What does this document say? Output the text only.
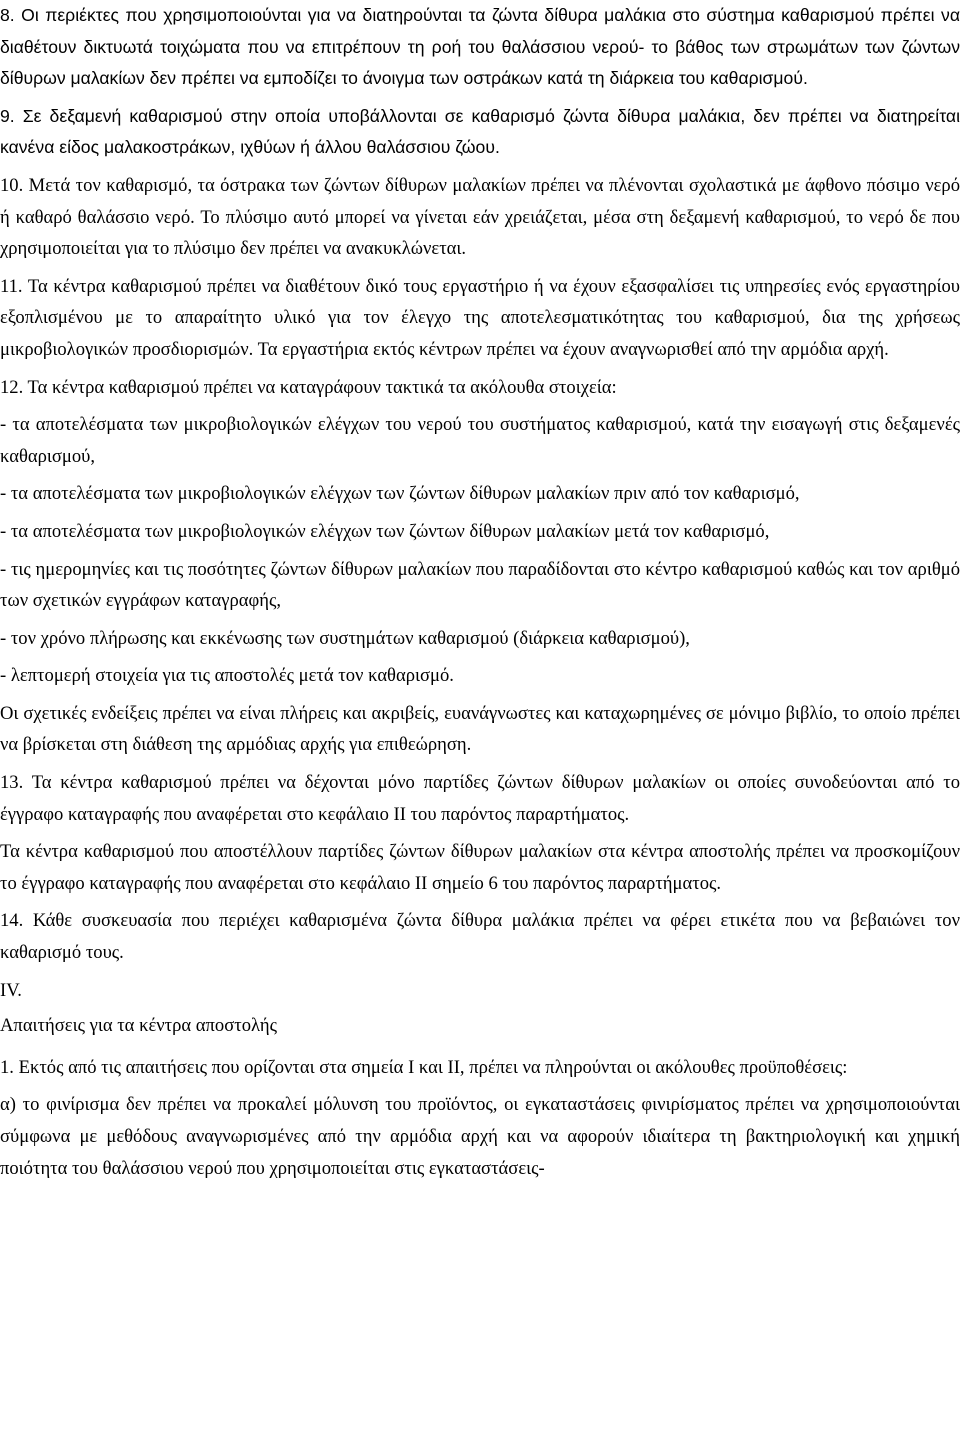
8. Οι περιέκτες που χρησιμοποιούνται για να διατηρούνται τα ζώντα δίθυρα μαλάκια στο σύστημα καθαρισμού πρέπει να διαθέτουν δικτυωτά τοιχώματα που να επιτρέπουν τη ροή του θαλάσσιου νερού- το βάθος των στρωμάτων των ζώντων δίθυρων μαλακίων δεν πρέπει να εμποδίζει το άνοιγμα των οστράκων κατά τη διάρκεια του καθαρισμού.

9. Σε δεξαμενή καθαρισμού στην οποία υποβάλλονται σε καθαρισμό ζώντα δίθυρα μαλάκια, δεν πρέπει να διατηρείται κανένα είδος μαλακοστράκων, ιχθύων ή άλλου θαλάσσιου ζώου.

10. Μετά τον καθαρισμό, τα όστρακα των ζώντων δίθυρων μαλακίων πρέπει να πλένονται σχολαστικά με άφθονο πόσιμο νερό ή καθαρό θαλάσσιο νερό. Το πλύσιμο αυτό μπορεί να γίνεται εάν χρειάζεται, μέσα στη δεξαμενή καθαρισμού, το νερό δε που χρησιμοποιείται για το πλύσιμο δεν πρέπει να ανακυκλώνεται.

11. Τα κέντρα καθαρισμού πρέπει να διαθέτουν δικό τους εργαστήριο ή να έχουν εξασφαλίσει τις υπηρεσίες ενός εργαστηρίου εξοπλισμένου με το απαραίτητο υλικό για τον έλεγχο της αποτελεσματικότητας του καθαρισμού, δια της χρήσεως μικροβιολογικών προσδιορισμών. Τα εργαστήρια εκτός κέντρων πρέπει να έχουν αναγνωρισθεί από την αρμόδια αρχή.

12. Τα κέντρα καθαρισμού πρέπει να καταγράφουν τακτικά τα ακόλουθα στοιχεία:

- τα αποτελέσματα των μικροβιολογικών ελέγχων του νερού του συστήματος καθαρισμού, κατά την εισαγωγή στις δεξαμενές καθαρισμού,

- τα αποτελέσματα των μικροβιολογικών ελέγχων των ζώντων δίθυρων μαλακίων πριν από τον καθαρισμό,

- τα αποτελέσματα των μικροβιολογικών ελέγχων των ζώντων δίθυρων μαλακίων μετά τον καθαρισμό,

- τις ημερομηνίες και τις ποσότητες ζώντων δίθυρων μαλακίων που παραδίδονται στο κέντρο καθαρισμού καθώς και τον αριθμό των σχετικών εγγράφων καταγραφής,

- τον χρόνο πλήρωσης και εκκένωσης των συστημάτων καθαρισμού (διάρκεια καθαρισμού),

- λεπτομερή στοιχεία για τις αποστολές μετά τον καθαρισμό.

Οι σχετικές ενδείξεις πρέπει να είναι πλήρεις και ακριβείς, ευανάγνωστες και καταχωρημένες σε μόνιμο βιβλίο, το οποίο πρέπει να βρίσκεται στη διάθεση της αρμόδιας αρχής για επιθεώρηση.

13. Τα κέντρα καθαρισμού πρέπει να δέχονται μόνο παρτίδες ζώντων δίθυρων μαλακίων οι οποίες συνοδεύονται από το έγγραφο καταγραφής που αναφέρεται στο κεφάλαιο ΙΙ του παρόντος παραρτήματος.

Τα κέντρα καθαρισμού που αποστέλλουν παρτίδες ζώντων δίθυρων μαλακίων στα κέντρα αποστολής πρέπει να προσκομίζουν το έγγραφο καταγραφής που αναφέρεται στο κεφάλαιο ΙΙ σημείο 6 του παρόντος παραρτήματος.

14. Κάθε συσκευασία που περιέχει καθαρισμένα ζώντα δίθυρα μαλάκια πρέπει να φέρει ετικέτα που να βεβαιώνει τον καθαρισμό τους.

IV.

Απαιτήσεις για τα κέντρα αποστολής

1. Εκτός από τις απαιτήσεις που ορίζονται στα σημεία Ι και ΙΙ, πρέπει να πληρούνται οι ακόλουθες προϋποθέσεις:

α) το φινίρισμα δεν πρέπει να προκαλεί μόλυνση του προϊόντος, οι εγκαταστάσεις φινιρίσματος πρέπει να χρησιμοποιούνται σύμφωνα με μεθόδους αναγνωρισμένες από την αρμόδια αρχή και να αφορούν ιδιαίτερα τη βακτηριολογική και χημική ποιότητα του θαλάσσιου νερού που χρησιμοποιείται στις εγκαταστάσεις-
